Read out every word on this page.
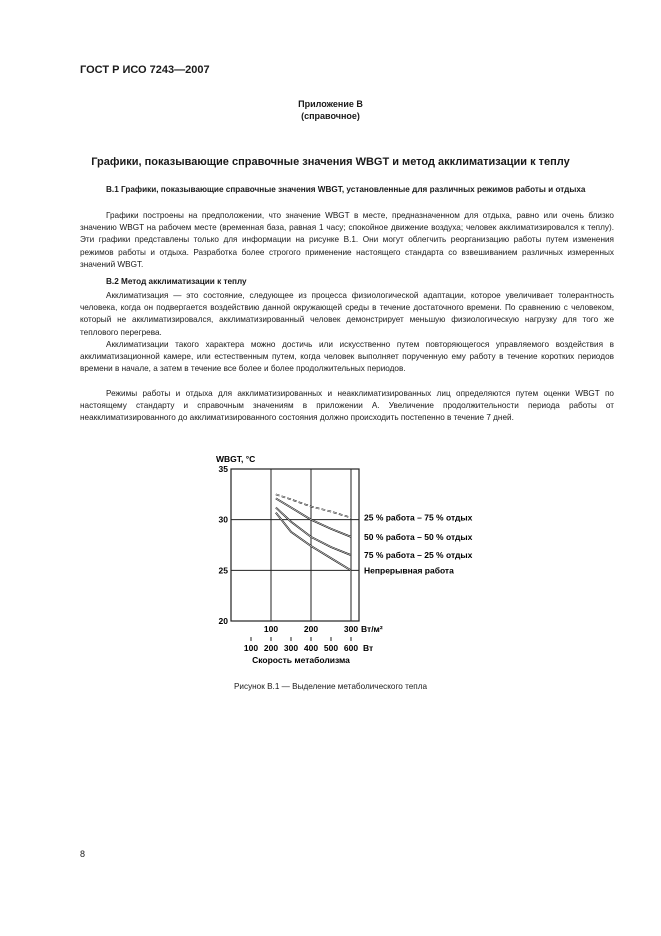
ГОСТ Р ИСО 7243—2007
Приложение В
(справочное)
Графики, показывающие справочные значения WBGT и метод акклиматизации к теплу
В.1 Графики, показывающие справочные значения WBGT, установленные для различных режимов работы и отдыха
Графики построены на предположении, что значение WBGT в месте, предназначенном для отдыха, равно или очень близко значению WBGT на рабочем месте (временная база, равная 1 часу; спокойное движение воздуха; человек акклиматизировался к теплу). Эти графики представлены только для информации на рисунке В.1. Они могут облегчить реорганизацию работы путем изменения режимов работы и отдыха. Разработка более строгого применение настоящего стандарта со взвешиванием различных измеренных значений WBGT.
В.2 Метод акклиматизации к теплу
Акклиматизация — это состояние, следующее из процесса физиологической адаптации, которое увеличивает толерантность человека, когда он подвергается воздействию данной окружающей среды в течение достаточного времени. По сравнению с человеком, который не акклиматизировался, акклиматизированный человек демонстрирует меньшую физиологическую нагрузку для того же теплового перегрева.
Акклиматизации такого характера можно достичь или искусственно путем повторяющегося управляемого воздействия в акклиматизационной камере, или естественным путем, когда человек выполняет порученную ему работу в течение коротких периодов времени в начале, а затем в течение все более и более продолжительных периодов.
Режимы работы и отдыха для акклиматизированных и неакклиматизированных лиц определяются путем оценки WBGT по настоящему стандарту и справочным значениям в приложении А. Увеличение продолжительности периода работы от неакклиматизированного до акклиматизированного состояния должно происходить постепенно в течение 7 дней.
WBGT, °C
35
30
25
20
100	200	300
25 % работа – 75 % отдых
50 % работа – 50 % отдых
75 % работа – 25 % отдых
Непрерывная работа
Вт/м²
100 200 300 400 500 600 Вт
Скорость метаболизма
Рисунок В.1 — Выделение метаболического тепла
8
